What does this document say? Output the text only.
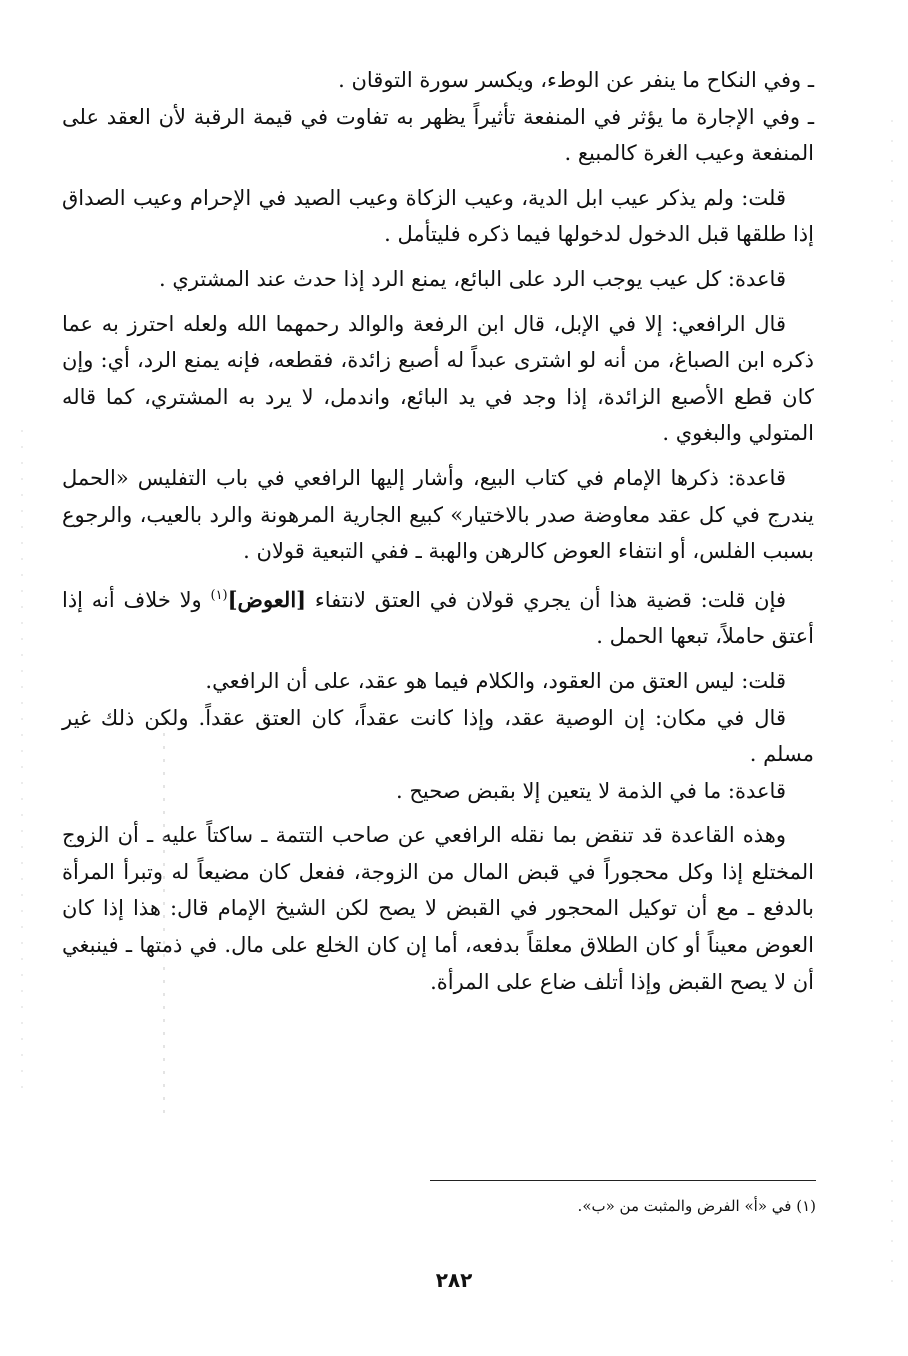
ـ وفي النكاح ما ينفر عن الوطء، ويكسر سورة التوقان .

ـ وفي الإجارة ما يؤثر في المنفعة تأثيراً يظهر به تفاوت في قيمة الرقبة لأن العقد على المنفعة وعيب الغرة كالمبيع .

قلت: ولم يذكر عيب ابل الدية، وعيب الزكاة وعيب الصيد في الإحرام وعيب الصداق إذا طلقها قبل الدخول لدخولها فيما ذكره فليتأمل .

قاعدة: كل عيب يوجب الرد على البائع، يمنع الرد إذا حدث عند المشتري .

قال الرافعي: إلا في الإبل، قال ابن الرفعة والوالد رحمهما الله ولعله احترز به عما ذكره ابن الصباغ، من أنه لو اشترى عبداً له أصبع زائدة، فقطعه، فإنه يمنع الرد، أي: وإن كان قطع الأصبع الزائدة، إذا وجد في يد البائع، واندمل، لا يرد به المشتري، كما قاله المتولي والبغوي .

قاعدة: ذكرها الإمام في كتاب البيع، وأشار إليها الرافعي في باب التفليس «الحمل يندرج في كل عقد معاوضة صدر بالاختيار» كبيع الجارية المرهونة والرد بالعيب، والرجوع بسبب الفلس، أو انتفاء العوض كالرهن والهبة ـ ففي التبعية قولان .

فإن قلت: قضية هذا أن يجري قولان في العتق لانتفاء [العوض]$^{(١)}$ ولا خلاف أنه إذا أعتق حاملاً، تبعها الحمل .

قلت: ليس العتق من العقود، والكلام فيما هو عقد، على أن الرافعي.

قال في مكان: إن الوصية عقد، وإذا كانت عقداً، كان العتق عقداً. ولكن ذلك غير مسلم .

قاعدة: ما في الذمة لا يتعين إلا بقبض صحيح .

وهذه القاعدة قد تنقض بما نقله الرافعي عن صاحب التتمة ـ ساكتاً عليه ـ أن الزوج المختلع إذا وكل محجوراً في قبض المال من الزوجة، ففعل كان مضيعاً له وتبرأ المرأة بالدفع ـ مع أن توكيل المحجور في القبض لا يصح لكن الشيخ الإمام قال: هذا إذا كان العوض معيناً أو كان الطلاق معلقاً بدفعه، أما إن كان الخلع على مال. في ذمتها ـ فينبغي أن لا يصح القبض وإذا أتلف ضاع على المرأة.

(١) في «أ» الفرض والمثبت من «ب».
٢٨٢
